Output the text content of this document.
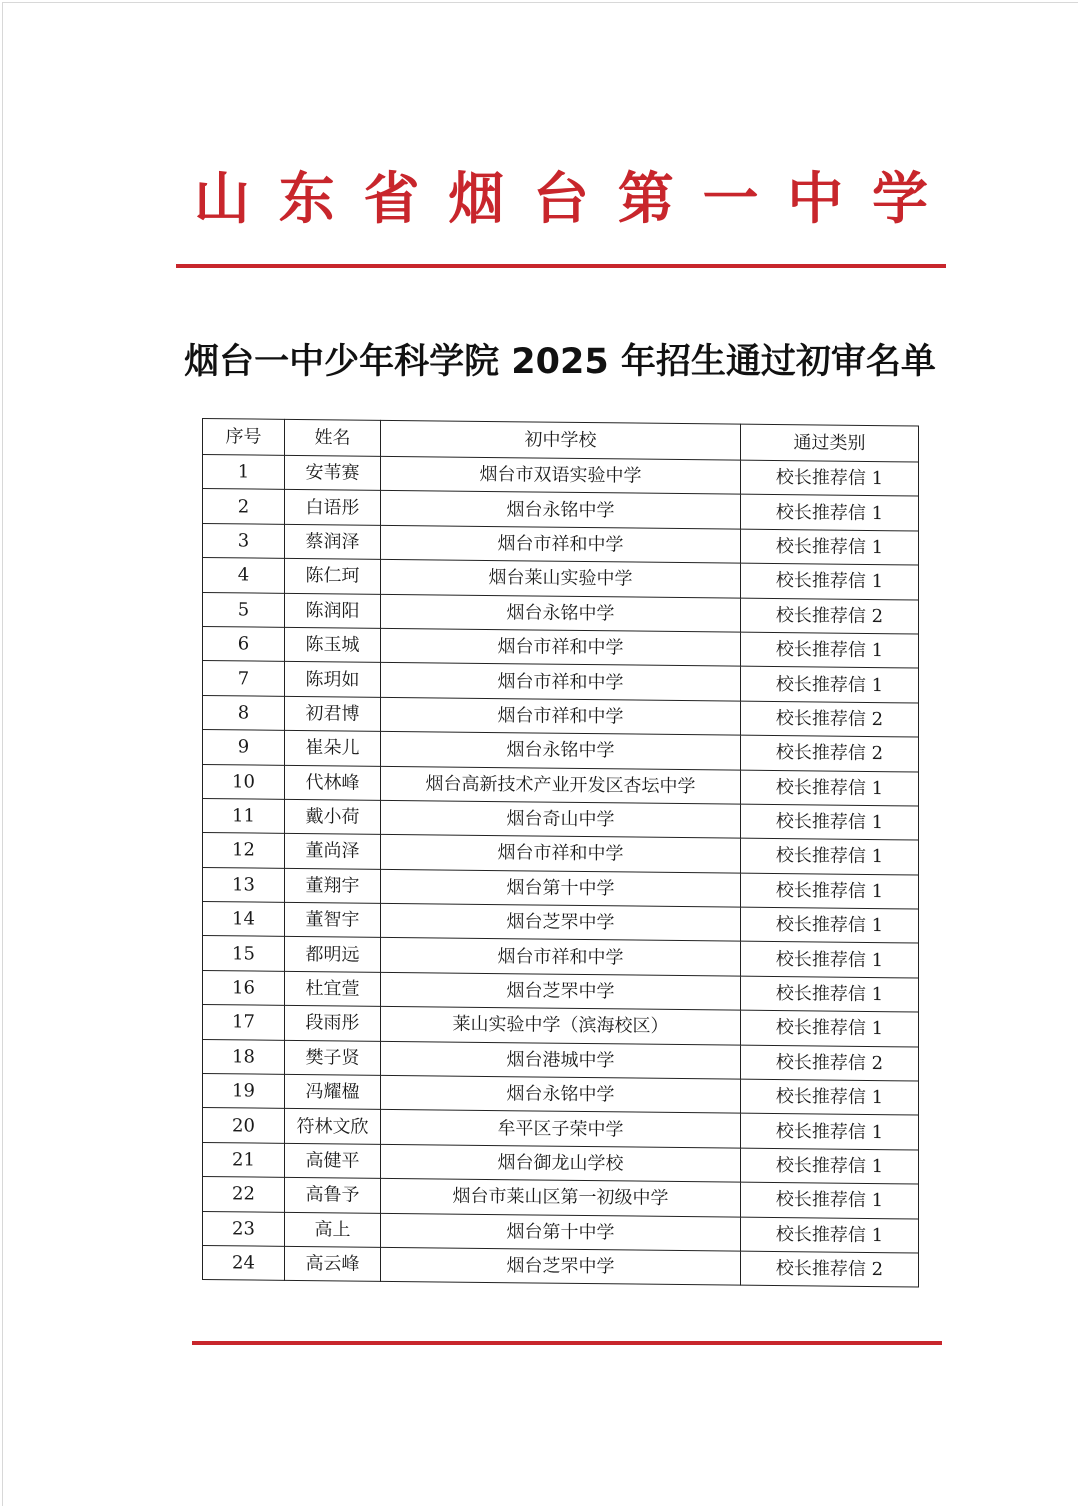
山 东 省 烟 台 第 一 中 学
烟台一中少年科学院 2025 年招生通过初审名单
序号	姓名	初中学校	通过类别
1	安苇赛	烟台市双语实验中学	校长推荐信 1
2	白语彤	烟台永铭中学	校长推荐信 1
3	蔡润泽	烟台市祥和中学	校长推荐信 1
4	陈仁珂	烟台莱山实验中学	校长推荐信 1
5	陈润阳	烟台永铭中学	校长推荐信 2
6	陈玉城	烟台市祥和中学	校长推荐信 1
7	陈玥如	烟台市祥和中学	校长推荐信 1
8	初君博	烟台市祥和中学	校长推荐信 2
9	崔朵儿	烟台永铭中学	校长推荐信 2
10	代林峰	烟台高新技术产业开发区杏坛中学	校长推荐信 1
11	戴小荷	烟台奇山中学	校长推荐信 1
12	董尚泽	烟台市祥和中学	校长推荐信 1
13	董翔宇	烟台第十中学	校长推荐信 1
14	董智宇	烟台芝罘中学	校长推荐信 1
15	都明远	烟台市祥和中学	校长推荐信 1
16	杜宜萱	烟台芝罘中学	校长推荐信 1
17	段雨彤	莱山实验中学（滨海校区）	校长推荐信 1
18	樊子贤	烟台港城中学	校长推荐信 2
19	冯耀楹	烟台永铭中学	校长推荐信 1
20	符林文欣	牟平区子荣中学	校长推荐信 1
21	高健平	烟台御龙山学校	校长推荐信 1
22	高鲁予	烟台市莱山区第一初级中学	校长推荐信 1
23	高上	烟台第十中学	校长推荐信 1
24	高云峰	烟台芝罘中学	校长推荐信 2
